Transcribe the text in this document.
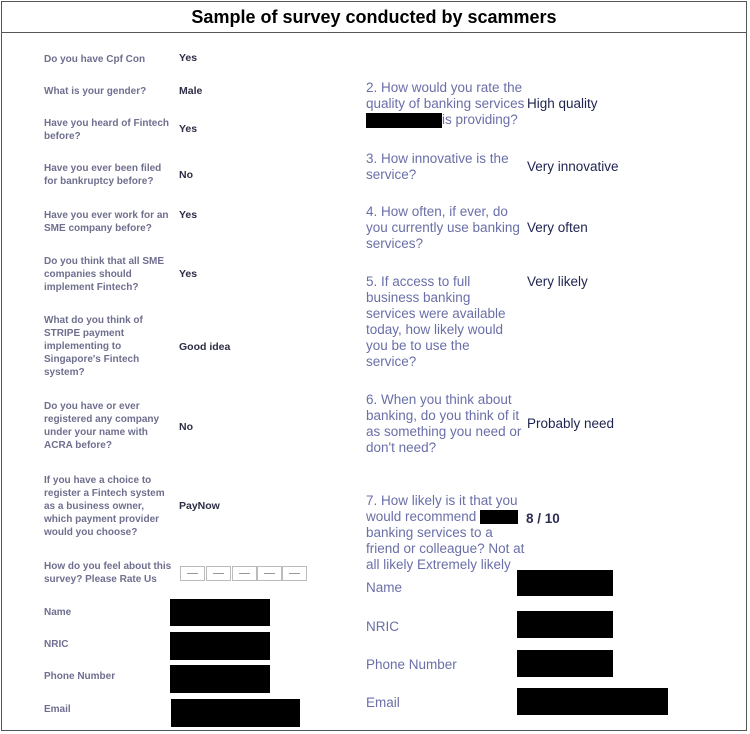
Sample of survey conducted by scammers
Do you have Cpf Con	Yes
What is your gender?	Male
Have you heard of Fintech before?
Yes
Have you ever been filed for bankruptcy before?
No
Have you ever work for an SME company before?
Yes
Do you think that all SME companies should implement Fintech?
Yes
What do you think of STRIPE payment implementing to Singapore's Fintech system?
Good idea
Do you have or ever registered any company under your name with ACRA before?
No
If you have a choice to register a Fintech system as a business owner, which payment provider would you choose?
PayNow
How do you feel about this survey? Please Rate Us
Name
NRIC
Phone Number
Email
2. How would you rate the quality of banking services
is providing?
High quality
3. How innovative is the service?
Very innovative
4. How often, if ever, do you currently use banking services?
Very often
5. If access to full business banking services were available today, how likely would you be to use the service?
Very likely
6. When you think about banking, do you think of it as something you need or don't need?
Probably need
7. How likely is it that you would recommend  banking services to a friend or colleague? Not at all likely Extremely likely
8 / 10
Name
NRIC
Phone Number
Email
